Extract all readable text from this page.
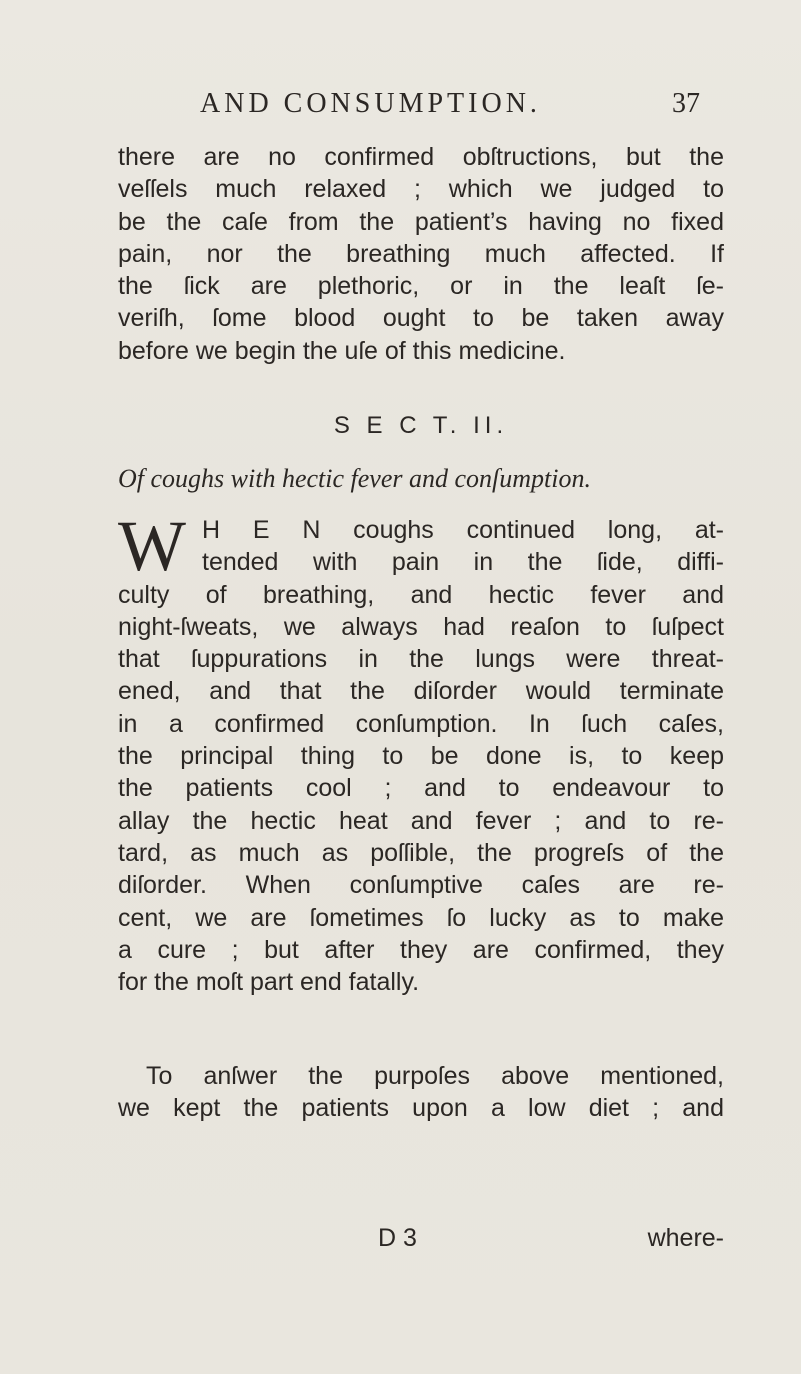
AND CONSUMPTION.	37
there are no confirmed obſtructions, but the
veſſels much relaxed ; which we judged to
be the caſe from the patient’s having no fixed
pain, nor the breathing much affected. If
the ſick are plethoric, or in the leaſt ſe-
veriſh, ſome blood ought to be taken away
before we begin the uſe of this medicine.
S E C T. II.
Of coughs with hectic fever and conſumption.
W H E N coughs continued long, at-
tended with pain in the ſide, diffi-
culty of breathing, and hectic fever and
night-ſweats, we always had reaſon to ſuſpect
that ſuppurations in the lungs were threat-
ened, and that the diſorder would terminate
in a confirmed conſumption. In ſuch caſes,
the principal thing to be done is, to keep
the patients cool ; and to endeavour to
allay the hectic heat and fever ; and to re-
tard, as much as poſſible, the progreſs of the
diſorder. When conſumptive caſes are re-
cent, we are ſometimes ſo lucky as to make
a cure ; but after they are confirmed, they
for the moſt part end fatally.
To anſwer the purpoſes above mentioned,
we kept the patients upon a low diet ; and
D 3	where-
